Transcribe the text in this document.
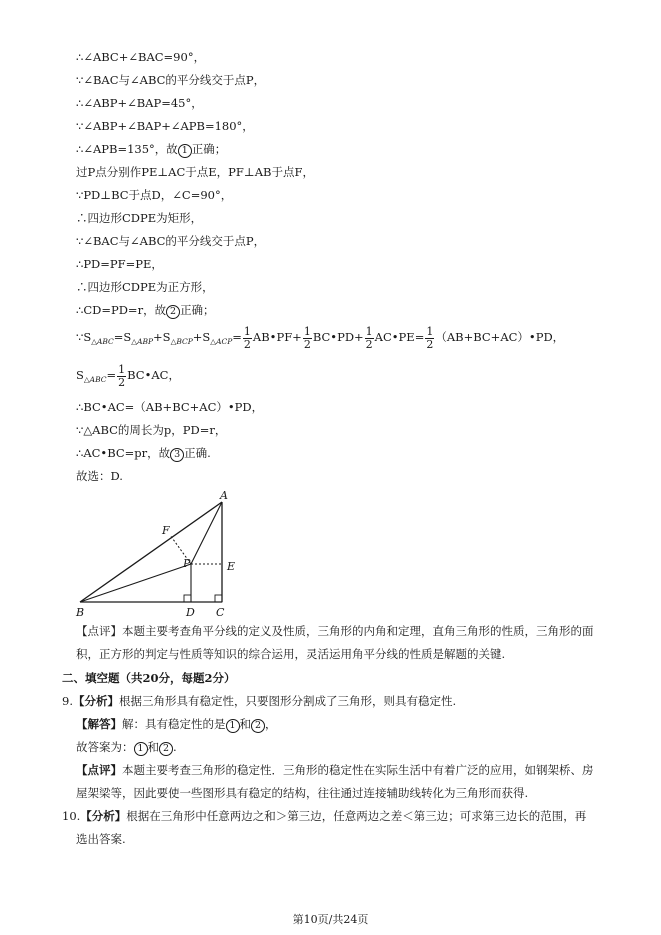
∴∠ABC+∠BAC=90°，
∵∠BAC与∠ABC的平分线交于点P，
∴∠ABP+∠BAP=45°，
∵∠ABP+∠BAP+∠APB=180°，
∴∠APB=135°，故 1 正确；
过P点分别作PE⊥AC于点E，PF⊥AB于点F，
∵PD⊥BC于点D，∠C=90°，
∴四边形CDPE为矩形，
∵∠BAC与∠ABC的平分线交于点P，
∴PD=PF=PE，
∴四边形CDPE为正方形，
∴CD=PD=r，故 2 正确；
$\because S_{\triangle ABC}=S_{\triangle ABP}+S_{\triangle BCP}+S_{\triangle ACP}= \frac{1}{2}$ AB•PF+ $\frac{1}{2}$ BC•PD+ $\frac{1}{2}$ AC•PE= $\frac{1}{2}$ （AB+BC+AC）•PD，
$S_{\triangle ABC}= \frac{1}{2}$ BC•AC，
∴BC•AC=（AB+BC+AC）•PD，
∵△ABC的周长为p，PD=r，
∴AC•BC=pr，故 3 正确.
故选：D.
A
B	C
D
E
F
P
【点评】本题主要考查角平分线的定义及性质，三角形的内角和定理，直角三角形的性质，三角形的面
积，正方形的判定与性质等知识的综合运用，灵活运用角平分线的性质是解题的关键.
二、填空题（共20分，每题2分）
9.【分析】根据三角形具有稳定性，只要图形分割成了三角形，则具有稳定性.
【解答】解：具有稳定性的是 1 和 2 ，
故答案为： 1 和 2 .
【点评】本题主要考查三角形的稳定性．三角形的稳定性在实际生活中有着广泛的应用，如钢架桥、房
屋架梁等，因此要使一些图形具有稳定的结构，往往通过连接辅助线转化为三角形而获得.
10.【分析】根据在三角形中任意两边之和＞第三边，任意两边之差＜第三边；可求第三边长的范围，再
选出答案.
第10页/共24页
